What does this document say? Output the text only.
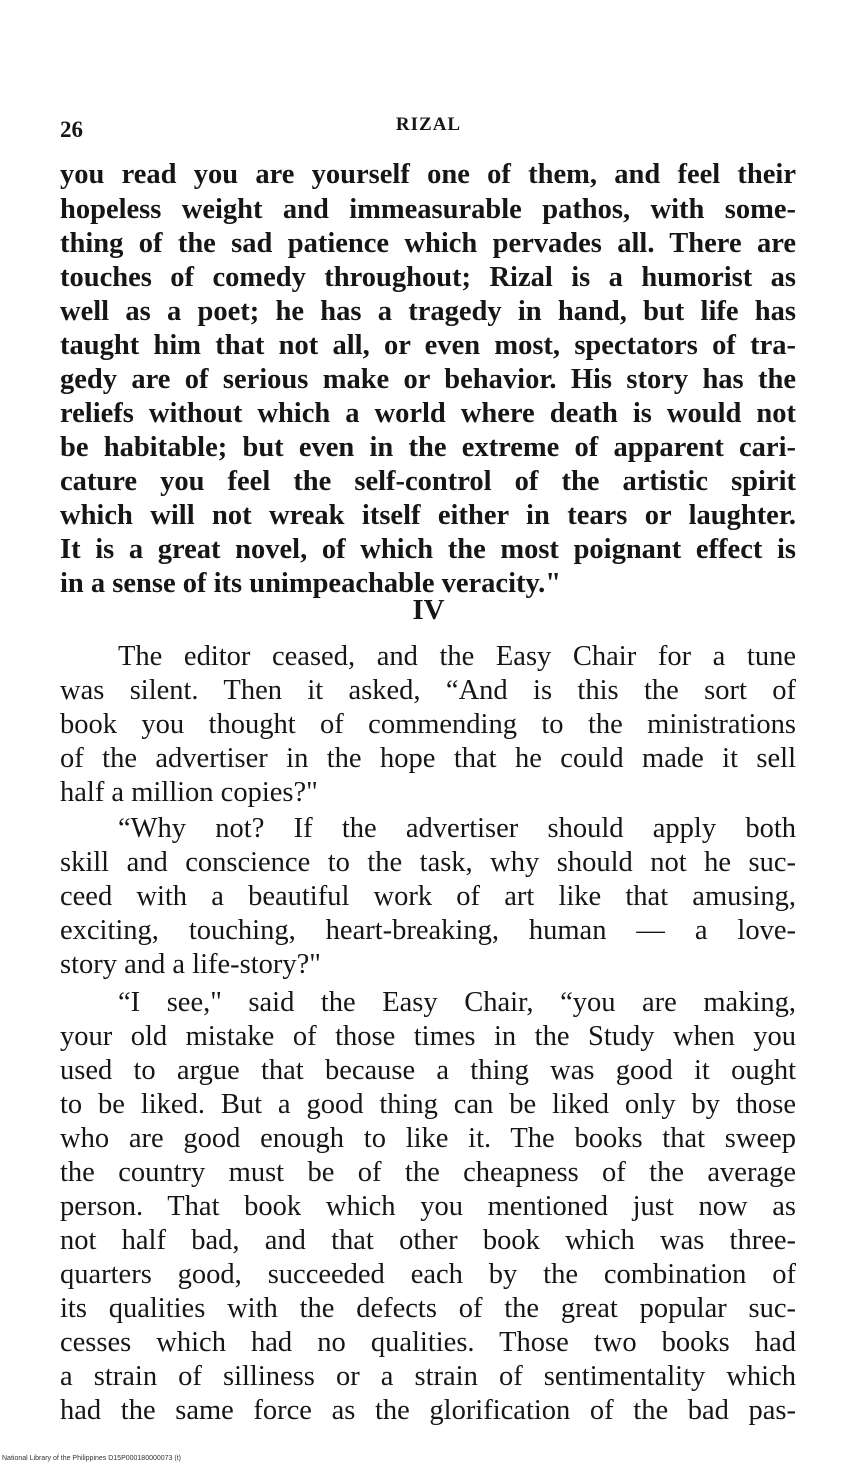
26	RIZAL
you read you are yourself one of them, and feel their
hopeless weight and immeasurable pathos, with some-
thing of the sad patience which pervades all. There are
touches of comedy throughout; Rizal is a humorist as
well as a poet; he has a tragedy in hand, but life has
taught him that not all, or even most, spectators of tra-
gedy are of serious make or behavior. His story has the
reliefs without which a world where death is would not
be habitable; but even in the extreme of apparent cari-
cature you feel the self-control of the artistic spirit
which will not wreak itself either in tears or laughter.
It is a great novel, of which the most poignant effect is
in a sense of its unimpeachable veracity."
IV
The editor ceased, and the Easy Chair for a tune
was silent. Then it asked, “And is this the sort of
book you thought of commending to the ministrations
of the advertiser in the hope that he could made it sell
half a million copies?"
“Why not? If the advertiser should apply both
skill and conscience to the task, why should not he suc-
ceed with a beautiful work of art like that amusing,
exciting, touching, heart-breaking, human — a love-
story and a life-story?"
“I see," said the Easy Chair, “you are making,
your old mistake of those times in the Study when you
used to argue that because a thing was good it ought
to be liked. But a good thing can be liked only by those
who are good enough to like it. The books that sweep
the country must be of the cheapness of the average
person. That book which you mentioned just now as
not half bad, and that other book which was three-
quarters good, succeeded each by the combination of
its qualities with the defects of the great popular suc-
cesses which had no qualities. Those two books had
a strain of silliness or a strain of sentimentality which
had the same force as the glorification of the bad pas-
National Library of the Philippines D15P000180000073 (t)
